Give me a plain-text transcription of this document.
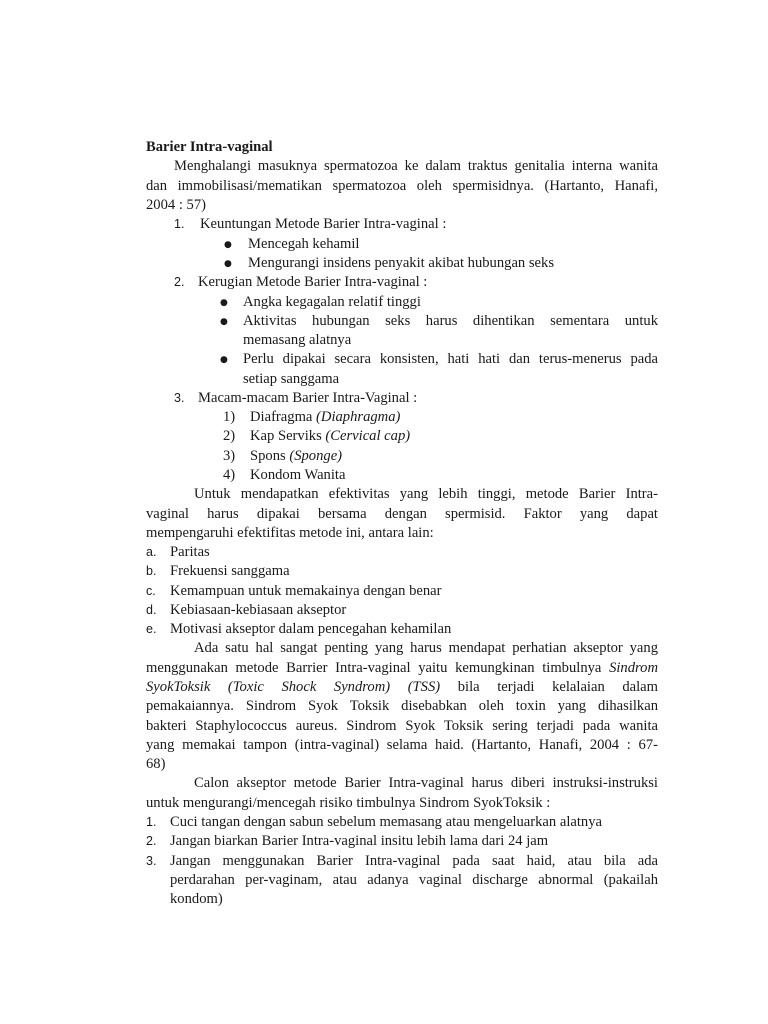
Barier Intra-vaginal
Menghalangi masuknya spermatozoa ke dalam traktus genitalia interna wanita
dan immobilisasi/mematikan spermatozoa oleh spermisidnya. (Hartanto, Hanafi,
2004 : 57)
1. Keuntungan Metode Barier Intra-vaginal :
● Mencegah kehamil
● Mengurangi insidens penyakit akibat hubungan seks
2. Kerugian Metode Barier Intra-vaginal :
● Angka kegagalan relatif tinggi
● Aktivitas hubungan seks harus dihentikan sementara untuk
memasang alatnya
● Perlu dipakai secara konsisten, hati hati dan terus-menerus pada
setiap sanggama
3. Macam-macam Barier Intra-Vaginal :
1) Diafragma (Diaphragma)
2) Kap Serviks (Cervical cap)
3) Spons (Sponge)
4) Kondom Wanita
Untuk mendapatkan efektivitas yang lebih tinggi, metode Barier Intra-
vaginal harus dipakai bersama dengan spermisid. Faktor yang dapat
mempengaruhi efektifitas metode ini, antara lain:
a. Paritas
b. Frekuensi sanggama
c. Kemampuan untuk memakainya dengan benar
d. Kebiasaan-kebiasaan akseptor
e. Motivasi akseptor dalam pencegahan kehamilan
Ada satu hal sangat penting yang harus mendapat perhatian akseptor yang
menggunakan metode Barrier Intra-vaginal yaitu kemungkinan timbulnya Sindrom
SyokToksik (Toxic Shock Syndrom) (TSS) bila terjadi kelalaian dalam
pemakaiannya. Sindrom Syok Toksik disebabkan oleh toxin yang dihasilkan
bakteri Staphylococcus aureus. Sindrom Syok Toksik sering terjadi pada wanita
yang memakai tampon (intra-vaginal) selama haid. (Hartanto, Hanafi, 2004 : 67-
68)
Calon akseptor metode Barier Intra-vaginal harus diberi instruksi-instruksi
untuk mengurangi/mencegah risiko timbulnya Sindrom SyokToksik :
1. Cuci tangan dengan sabun sebelum memasang atau mengeluarkan alatnya
2. Jangan biarkan Barier Intra-vaginal insitu lebih lama dari 24 jam
3. Jangan menggunakan Barier Intra-vaginal pada saat haid, atau bila ada
perdarahan per-vaginam, atau adanya vaginal discharge abnormal (pakailah
kondom)
